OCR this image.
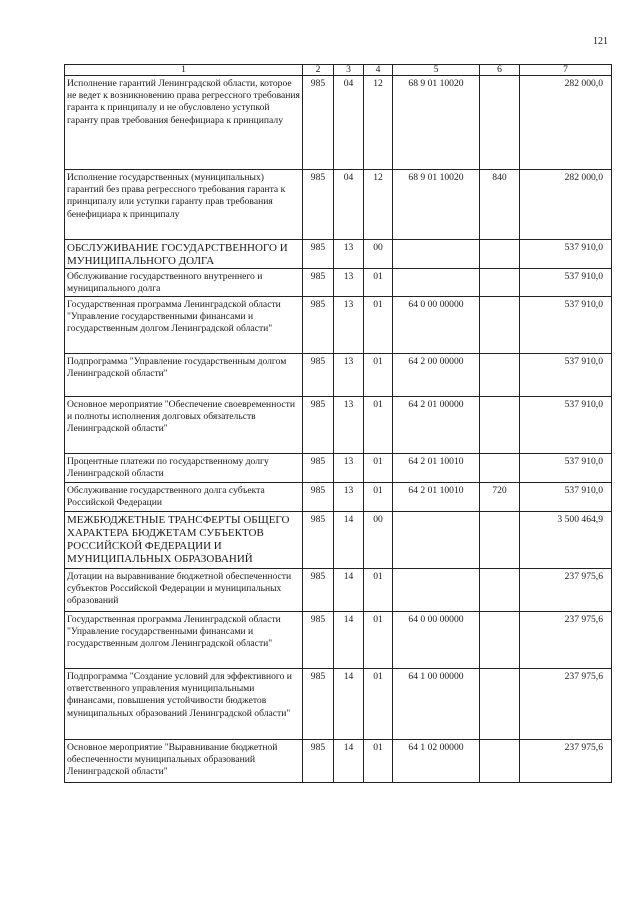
121
1	2	3	4	5	6	7
Исполнение гарантий Ленинградской области, которое не ведет к возникновению права регрессного требования гаранта к принципалу и не обусловлено уступкой гаранту прав требования бенефициара к принципалу	985	04	12	68 9 01 10020		282 000,0
Исполнение государственных (муниципальных) гарантий без права регрессного требования гаранта к принципалу или уступки гаранту прав требования бенефициара к принципалу	985	04	12	68 9 01 10020	840	282 000,0
ОБСЛУЖИВАНИЕ ГОСУДАРСТВЕННОГО И МУНИЦИПАЛЬНОГО ДОЛГА	985	13	00			537 910,0
Обслуживание государственного внутреннего и муниципального долга	985	13	01			537 910,0
Государственная программа Ленинградской области "Управление государственными финансами и государственным долгом Ленинградской области"	985	13	01	64 0 00 00000		537 910,0
Подпрограмма "Управление государственным долгом Ленинградской области"	985	13	01	64 2 00 00000		537 910,0
Основное мероприятие "Обеспечение своевременности и полноты исполнения долговых обязательств Ленинградской области"	985	13	01	64 2 01 00000		537 910,0
Процентные платежи по государственному долгу Ленинградской области	985	13	01	64 2 01 10010		537 910,0
Обслуживание государственного долга субъекта Российской Федерации	985	13	01	64 2 01 10010	720	537 910,0
МЕЖБЮДЖЕТНЫЕ ТРАНСФЕРТЫ ОБЩЕГО ХАРАКТЕРА БЮДЖЕТАМ СУБЪЕКТОВ РОССИЙСКОЙ ФЕДЕРАЦИИ И МУНИЦИПАЛЬНЫХ ОБРАЗОВАНИЙ	985	14	00			3 500 464,9
Дотации на выравнивание бюджетной обеспеченности субъектов Российской Федерации и муниципальных образований	985	14	01			237 975,6
Государственная программа Ленинградской области "Управление государственными финансами и государственным долгом Ленинградской области"	985	14	01	64 0 00 00000		237 975,6
Подпрограмма "Создание условий для эффективного и ответственного управления муниципальными финансами, повышения устойчивости бюджетов муниципальных образований Ленинградской области"	985	14	01	64 1 00 00000		237 975,6
Основное мероприятие "Выравнивание бюджетной обеспеченности муниципальных образований Ленинградской области"	985	14	01	64 1 02 00000		237 975,6
